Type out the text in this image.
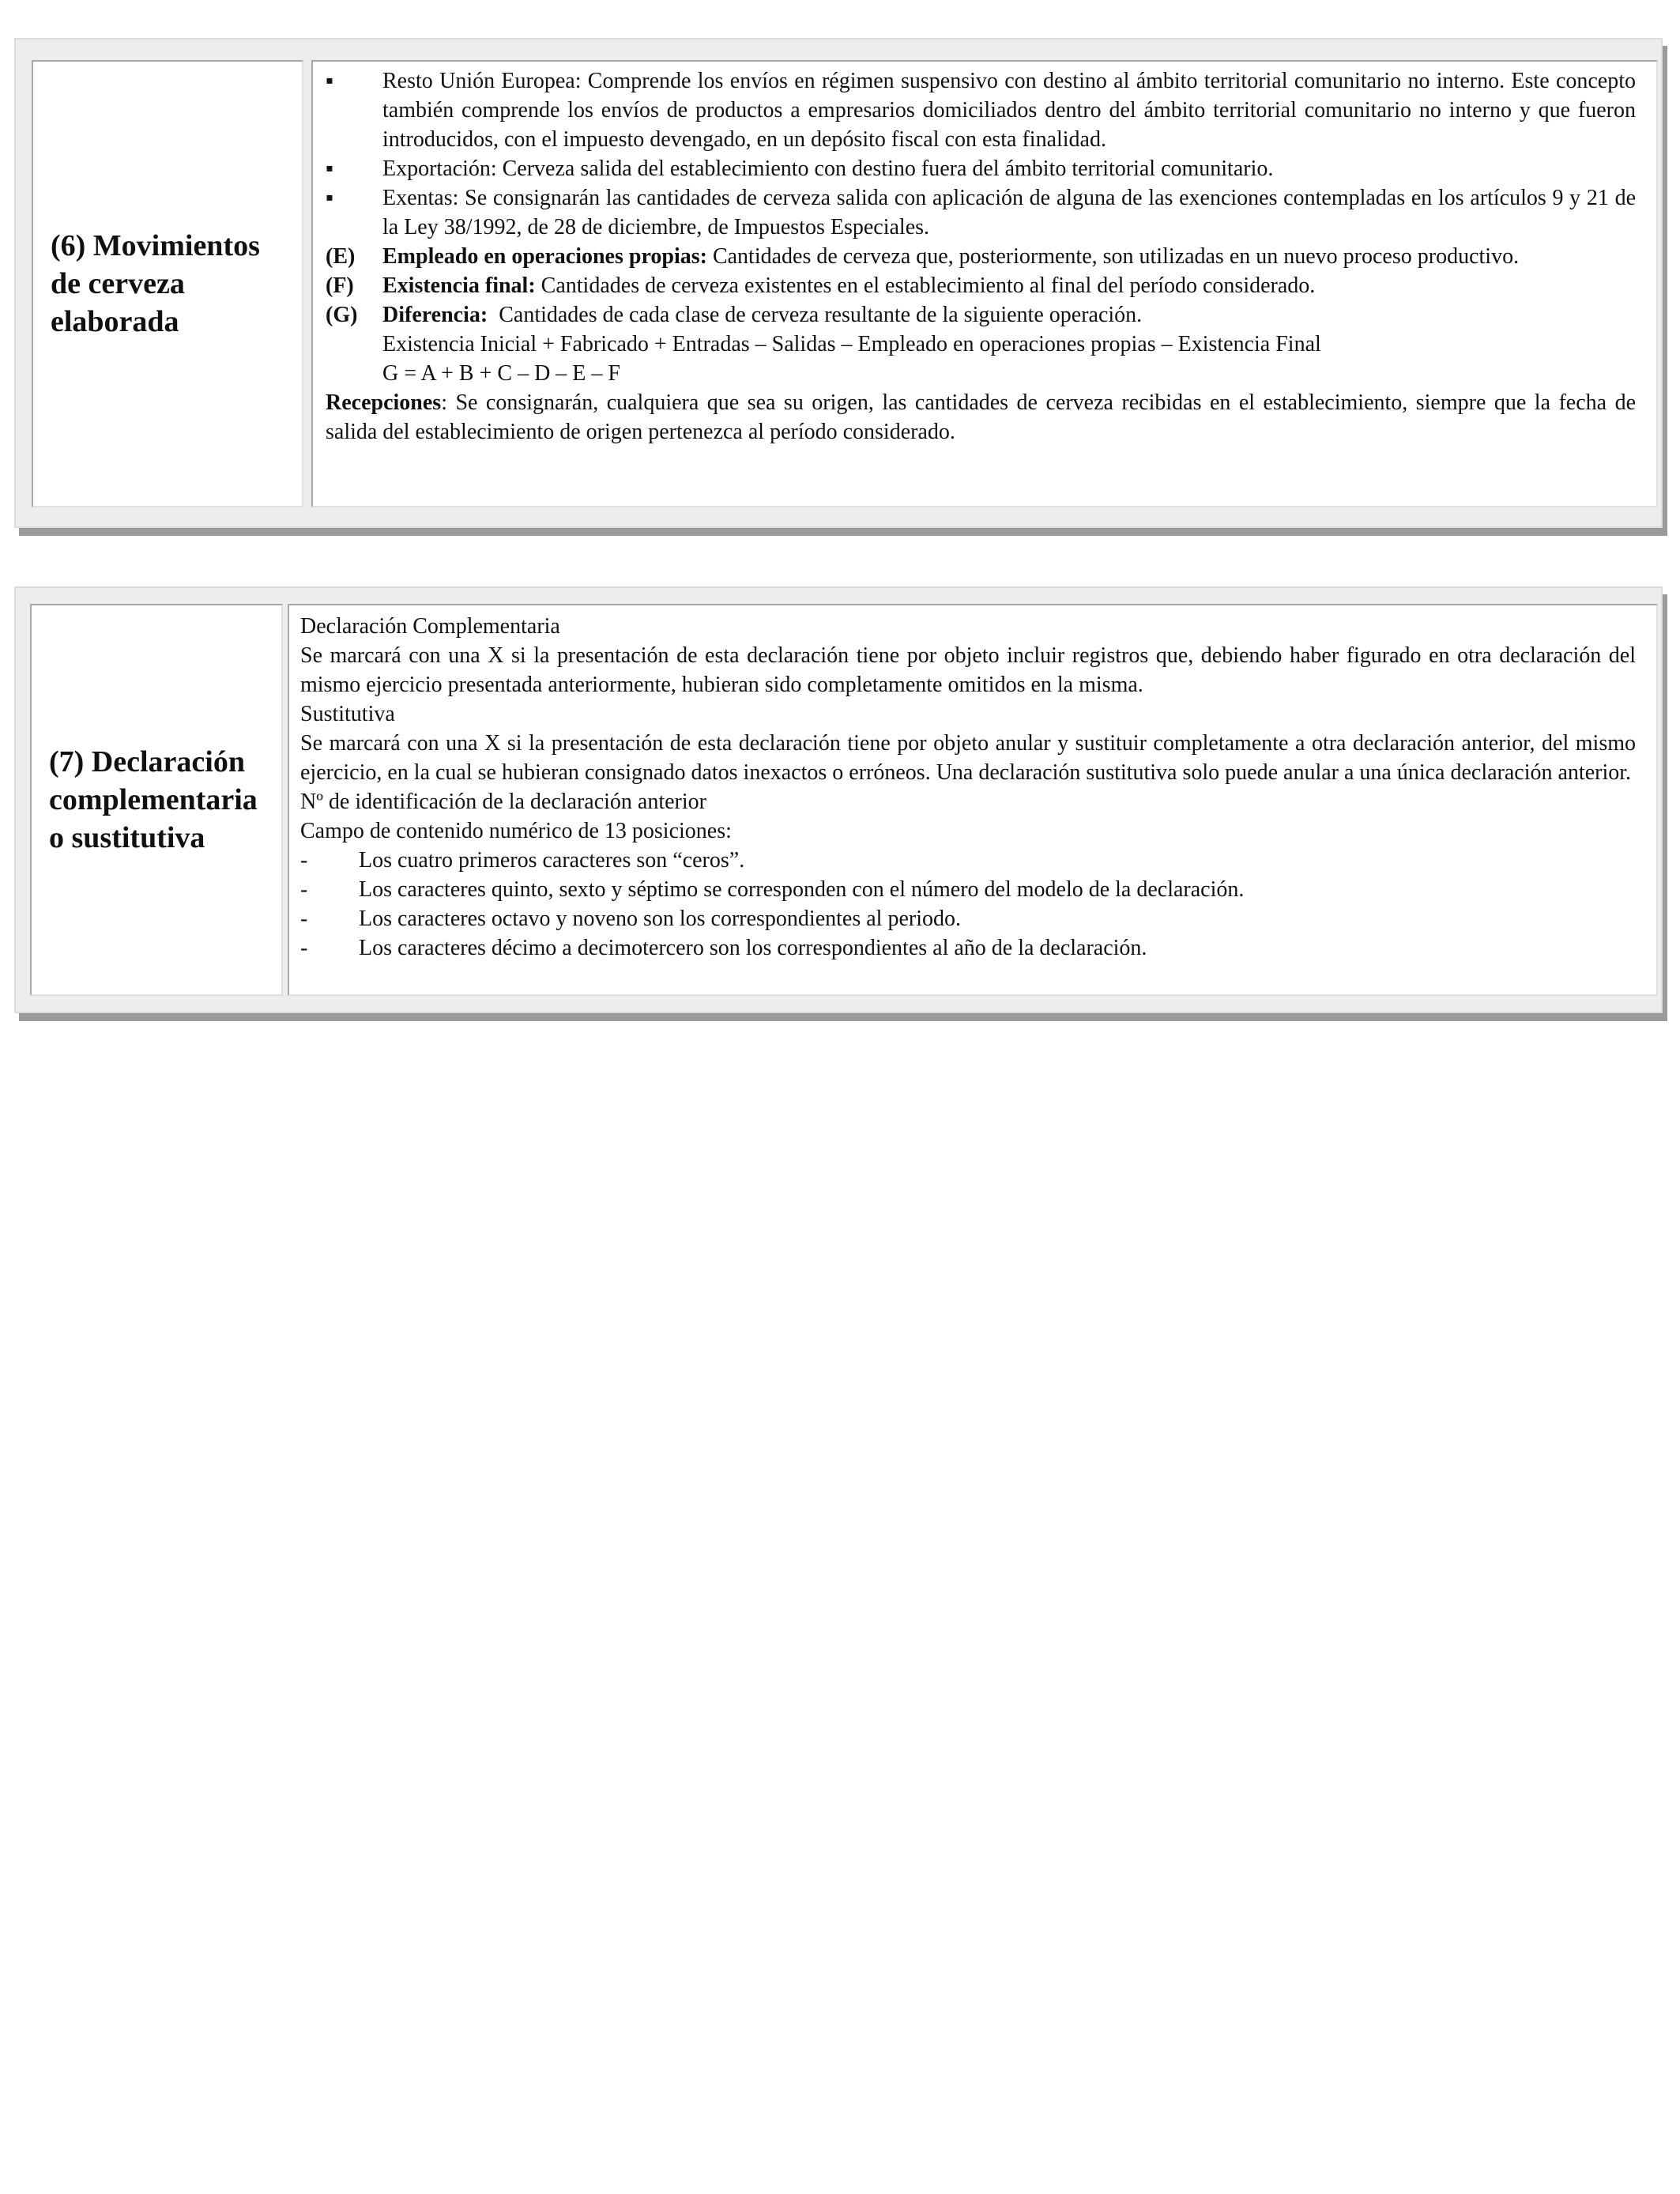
(6) Movimientos de cerveza elaborada
▪	Resto Unión Europea: Comprende los envíos en régimen suspensivo con destino al ámbito territorial comunitario no interno. Este concepto también comprende los envíos de productos a empresarios domiciliados dentro del ámbito territorial comunitario no interno y que fueron introducidos, con el impuesto devengado, en un depósito fiscal con esta finalidad.
▪	Exportación: Cerveza salida del establecimiento con destino fuera del ámbito territorial comunitario.
▪	Exentas: Se consignarán las cantidades de cerveza salida con aplicación de alguna de las exenciones contempladas en los artículos 9 y 21 de la Ley 38/1992, de 28 de diciembre, de Impuestos Especiales.
(E)	Empleado en operaciones propias: Cantidades de cerveza que, posteriormente, son utilizadas en un nuevo proceso productivo.
(F)	Existencia final: Cantidades de cerveza existentes en el establecimiento al final del período considerado.
(G)	Diferencia:  Cantidades de cada clase de cerveza resultante de la siguiente operación.

Existencia Inicial + Fabricado + Entradas – Salidas – Empleado en operaciones propias – Existencia Final

G = A + B + C – D – E – F

Recepciones: Se consignarán, cualquiera que sea su origen, las cantidades de cerveza recibidas en el establecimiento, siempre que la fecha de salida del establecimiento de origen pertenezca al período considerado.

(7) Declaración complementaria o sustitutiva

Declaración Complementaria

Se marcará con una X si la presentación de esta declaración tiene por objeto incluir registros que, debiendo haber figurado en otra declaración del mismo ejercicio presentada anteriormente, hubieran sido completamente omitidos en la misma.

Sustitutiva

Se marcará con una X si la presentación de esta declaración tiene por objeto anular y sustituir completamente a otra declaración anterior, del mismo ejercicio, en la cual se hubieran consignado datos inexactos o erróneos. Una declaración sustitutiva solo puede anular a una única declaración anterior.

Nº de identificación de la declaración anterior

Campo de contenido numérico de 13 posiciones:

-	Los cuatro primeros caracteres son “ceros”.
-	Los caracteres quinto, sexto y séptimo se corresponden con el número del modelo de la declaración.
-	Los caracteres octavo y noveno son los correspondientes al periodo.
-	Los caracteres décimo a decimotercero son los correspondientes al año de la declaración.
